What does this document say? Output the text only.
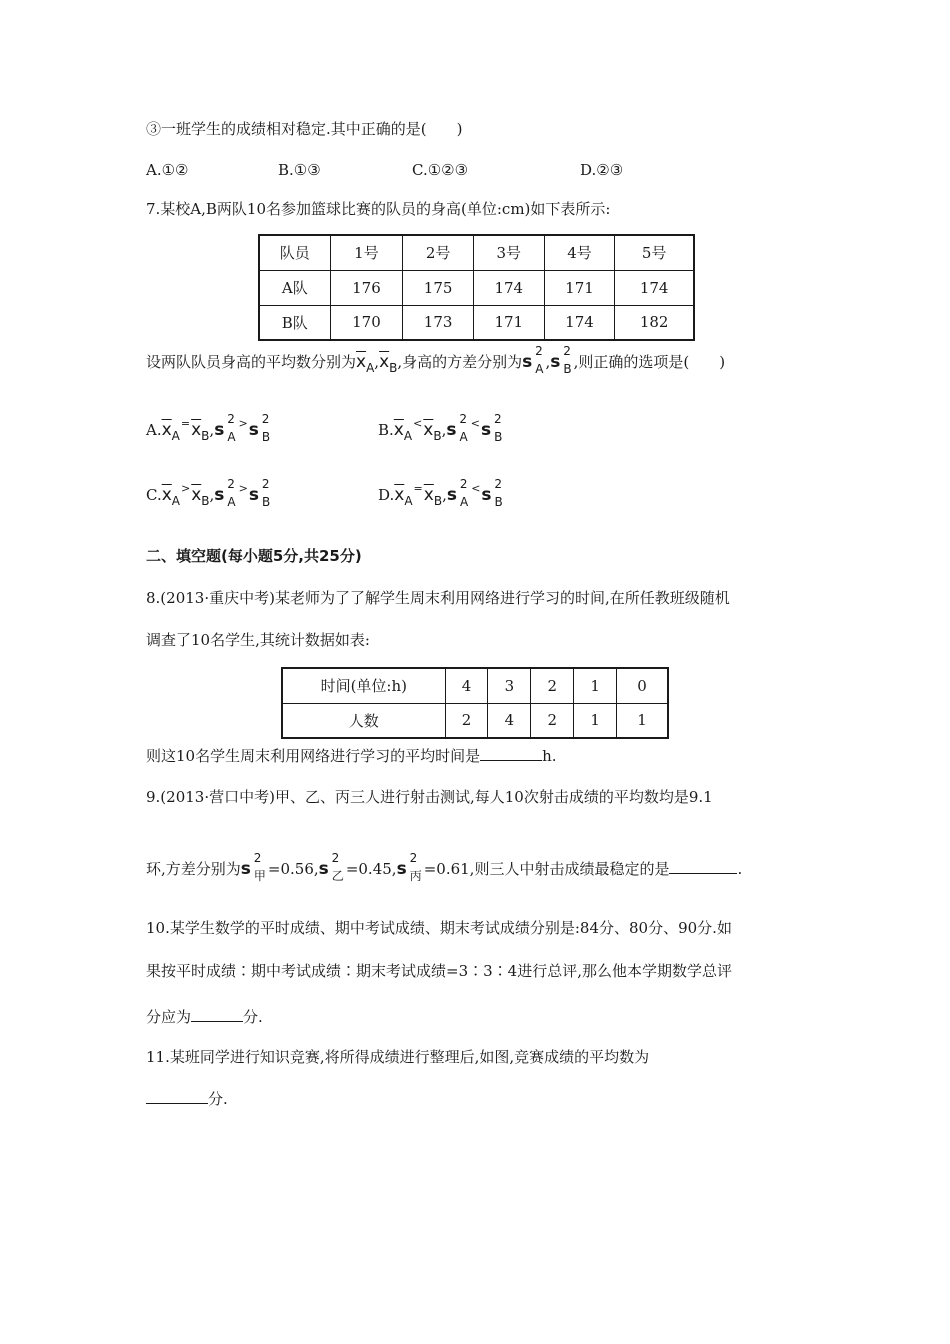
③一班学生的成绩相对稳定.其中正确的是(　　)
A.①②	B.①③	C.①②③	D.②③
7.某校A,B两队10名参加篮球比赛的队员的身高(单位:cm)如下表所示:
队员	1号	2号	3号	4号	5号
A队	176	175	174	171	174
B队	170	173	171	174	182
设两队队员身高的平均数分别为$\overline{x}_A,\overline{x}_B$,身高的方差分别为s
2
A ,s
2
B ,则正确的选项是(　　)
$A.\overline{x}_A^=\overline{x}_B,s$
2
A>s
2
B	$B.\overline{x}_A^<\overline{x}_B,s$
2
A<s
2
B
$C.\overline{x}_A^>\overline{x}_B,s$
2
A>s
2
B	$D.\overline{x}_A^=\overline{x}_B,s$
2
A<s
2
B
二、填空题(每小题5分,共25分)
8.(2013·重庆中考)某老师为了了解学生周末利用网络进行学习的时间,在所任教班级随机
调查了10名学生,其统计数据如表:
时间(单位:h)	4	3	2	1	0
人数	2	4	2	1	1
则这10名学生周末利用网络进行学习的平均时间是	h.
9.(2013·营口中考)甲、乙、丙三人进行射击测试,每人10次射击成绩的平均数均是9.1
环,方差分别为s
2
甲 =0.56,s
2
乙 =0.45,s
2
丙 =0.61,则三人中射击成绩最稳定的是	.
10.某学生数学的平时成绩、期中考试成绩、期末考试成绩分别是:84分、80分、90分.如
果按平时成绩∶期中考试成绩∶期末考试成绩=3∶3∶4进行总评,那么他本学期数学总评
分应为	分.
11.某班同学进行知识竞赛,将所得成绩进行整理后,如图,竞赛成绩的平均数为
分.
